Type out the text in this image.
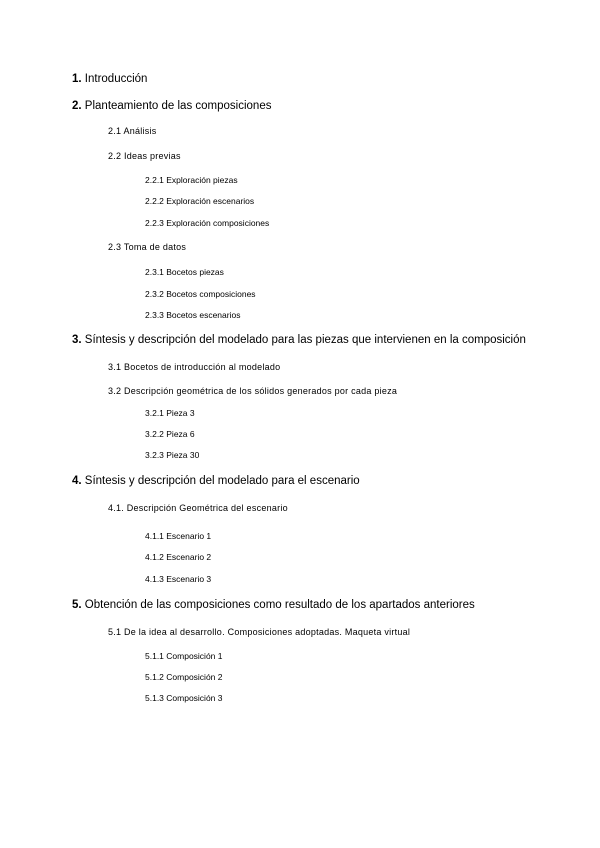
1. Introducción
2. Planteamiento de las composiciones
2.1 Análisis
2.2 Ideas previas
2.2.1 Exploración piezas
2.2.2 Exploración escenarios
2.2.3 Exploración composiciones
2.3 Toma de datos
2.3.1 Bocetos piezas
2.3.2 Bocetos composiciones
2.3.3 Bocetos escenarios
3. Síntesis y descripción del modelado para las piezas que intervienen en la composición
3.1 Bocetos de introducción al modelado
3.2 Descripción geométrica de los sólidos generados por cada pieza
3.2.1 Pieza 3
3.2.2 Pieza 6
3.2.3 Pieza 30
4. Síntesis y descripción del modelado para el escenario
4.1. Descripción Geométrica del escenario
4.1.1 Escenario 1
4.1.2 Escenario 2
4.1.3 Escenario 3
5. Obtención de las composiciones como resultado de los apartados anteriores
5.1 De la idea al desarrollo. Composiciones adoptadas. Maqueta virtual
5.1.1 Composición 1
5.1.2 Composición 2
5.1.3 Composición 3
